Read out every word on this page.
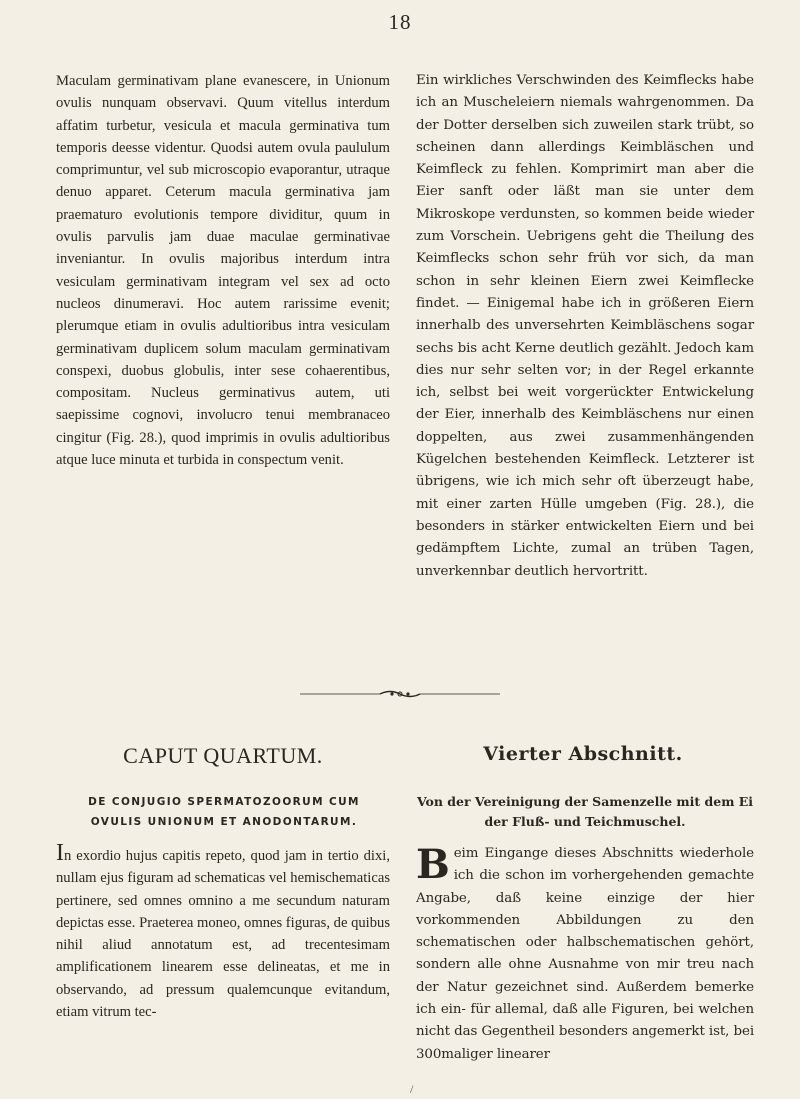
18
Maculam germinativam plane evanescere, in Unionum ovulis nunquam observavi. Quum vitellus interdum affatim turbetur, vesicula et macula germinativa tum temporis deesse videntur. Quodsi autem ovula paululum comprimuntur, vel sub microscopio evaporantur, utraque denuo apparet. Ceterum macula germinativa jam praematuro evolutionis tempore dividitur, quum in ovulis parvulis jam duae maculae germinativae inveniantur. In ovulis majoribus interdum intra vesiculam germinativam integram vel sex ad octo nucleos dinumeravi. Hoc autem rarissime evenit; plerumque etiam in ovulis adultioribus intra vesiculam germinativam duplicem solum maculam germinativam conspexi, duobus globulis, inter sese cohaerentibus, compositam. Nucleus germinativus autem, uti saepissime cognovi, involucro tenui membranaceo cingitur (Fig. 28.), quod imprimis in ovulis adultioribus atque luce minuta et turbida in conspectum venit.
Ein wirkliches Verschwinden des Keimflecks habe ich an Muscheleiern niemals wahrgenommen. Da der Dotter derselben sich zuweilen stark trübt, so scheinen dann allerdings Keimbläschen und Keimfleck zu fehlen. Komprimirt man aber die Eier sanft oder läßt man sie unter dem Mikroskope verdunsten, so kommen beide wieder zum Vorschein. Uebrigens geht die Theilung des Keimflecks schon sehr früh vor sich, da man schon in sehr kleinen Eiern zwei Keimflecke findet. — Einigemal habe ich in größeren Eiern innerhalb des unversehrten Keimbläschens sogar sechs bis acht Kerne deutlich gezählt. Jedoch kam dies nur sehr selten vor; in der Regel erkannte ich, selbst bei weit vorgerückter Entwickelung der Eier, innerhalb des Keimbläschens nur einen doppelten, aus zwei zusammenhängenden Kügelchen bestehenden Keimfleck. Letzterer ist übrigens, wie ich mich sehr oft überzeugt habe, mit einer zarten Hülle umgeben (Fig. 28.), die besonders in stärker entwickelten Eiern und bei gedämpftem Lichte, zumal an trüben Tagen, unverkennbar deutlich hervortritt.
CAPUT QUARTUM.	Vierter Abschnitt.
DE CONJUGIO SPERMATOZOORUM CUM
OVULIS UNIONUM ET ANODONTARUM.
Von der Vereinigung der Samenzelle mit dem Ei
der Fluß- und Teichmuschel.
In exordio hujus capitis repeto, quod jam in tertio dixi, nullam ejus figuram ad schematicas vel hemischematicas pertinere, sed omnes omnino a me secundum naturam depictas esse. Praeterea moneo, omnes figuras, de quibus nihil aliud annotatum est, ad trecentesimam amplificationem linearem esse delineatas, et me in observando, ad pressum qualemcunque evitandum, etiam vitrum tec-
Beim Eingange dieses Abschnitts wiederhole ich die schon im vorhergehenden gemachte Angabe, daß keine einzige der hier vorkommenden Abbildungen zu den schematischen oder halbschematischen gehört, sondern alle ohne Ausnahme von mir treu nach der Natur gezeichnet sind. Außerdem bemerke ich ein- für allemal, daß alle Figuren, bei welchen nicht das Gegentheil besonders angemerkt ist, bei 300maliger linearer
/
